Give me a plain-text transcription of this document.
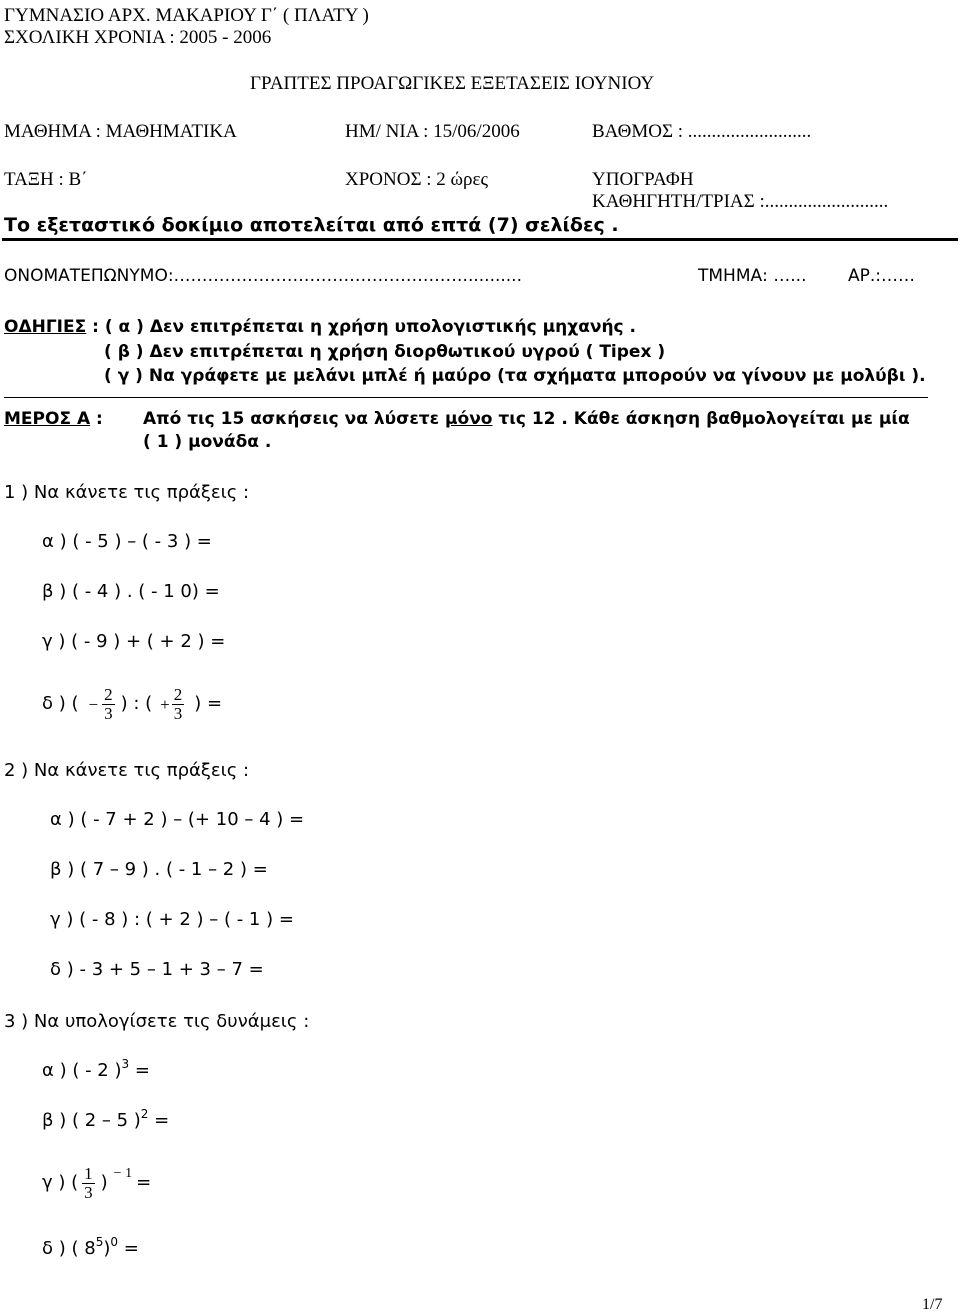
ΓΥΜΝΑΣΙΟ ΑΡΧ. ΜΑΚΑΡΙΟΥ Γ΄ ( ΠΛΑΤΥ )
ΣΧΟΛΙΚΗ ΧΡΟΝΙΑ : 2005 - 2006
ΓΡΑΠΤΕΣ ΠΡΟΑΓΩΓΙΚΕΣ ΕΞΕΤΑΣΕΙΣ ΙΟΥΝΙΟΥ
ΜΑΘΗΜΑ : ΜΑΘΗΜΑΤΙΚΑ	ΗΜ/ ΝΙΑ : 15/06/2006	ΒΑΘΜΟΣ : ..........................
ΤΑΞΗ : Β΄	ΧΡΟΝΟΣ : 2 ώρες	ΥΠΟΓΡΑΦΗ
ΚΑΘΗΓΗΤΗ/ΤΡΙΑΣ :..........................
Το εξεταστικό δοκίμιο αποτελείται από επτά (7) σελίδες .
ΟΝΟΜΑΤΕΠΩΝΥΜΟ:……………………………………………...........	ΤΜΗΜΑ: …... ΑΡ.:……
ΟΔΗΓΙΕΣ : ( α ) Δεν επιτρέπεται η χρήση υπολογιστικής μηχανής .
( β ) Δεν επιτρέπεται η χρήση διορθωτικού υγρού ( Tipex )
( γ ) Να γράφετε με μελάνι μπλέ ή μαύρο (τα σχήματα μπορούν να γίνουν με μολύβι ).
ΜΕΡΟΣ Α : Από τις 15 ασκήσεις να λύσετε μόνο τις 12 . Κάθε άσκηση βαθμολογείται με μία
( 1 ) μονάδα .
1 ) Να κάνετε τις πράξεις :
α ) ( - 5 ) – ( - 3 ) =
β ) ( - 4 ) . ( - 1 0) =
γ ) ( - 9 ) + ( + 2 ) =
δ ) ( − $\frac{2}{3}$ ) : ( + $\frac{2}{3}$ ) =
2 ) Να κάνετε τις πράξεις :
α ) ( - 7 + 2 ) – (+ 10 – 4 ) =
β ) ( 7 – 9 ) . ( - 1 – 2 ) =
γ ) ( - 8 ) : ( + 2 ) – ( - 1 ) =
δ ) - 3 + 5 – 1 + 3 – 7 =
3 ) Να υπολογίσετε τις δυνάμεις :
α ) ( - 2 )$^3$ =
β ) ( 2 – 5 )$^2$ =
γ ) ( $\frac{1}{3}$ ) − 1 =
δ ) ( $8^5)^0$ =
1/7
